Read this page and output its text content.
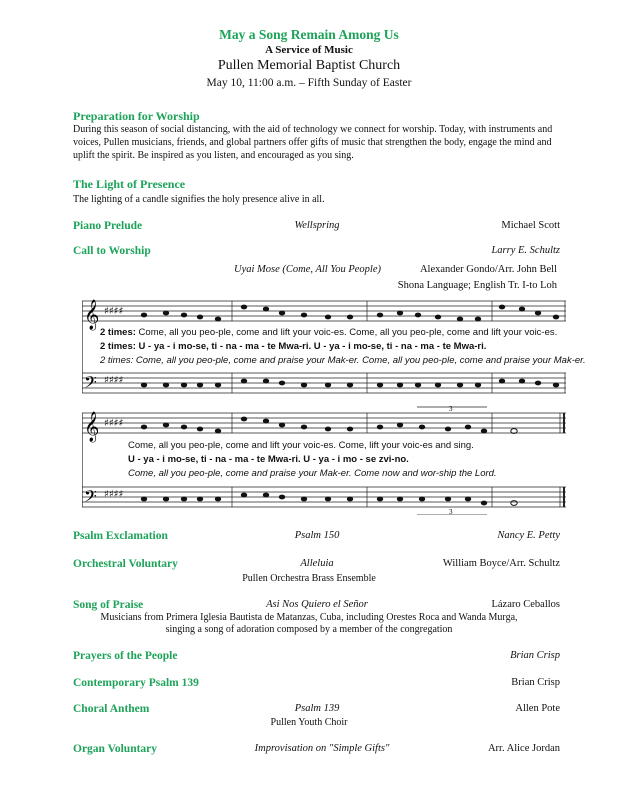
May a Song Remain Among Us
A Service of Music
Pullen Memorial Baptist Church
May 10, 11:00 a.m. – Fifth Sunday of Easter
Preparation for Worship
During this season of social distancing, with the aid of technology we connect for worship. Today, with instruments and voices, Pullen musicians, friends, and global partners offer gifts of music that strengthen the body, engage the mind and uplift the spirit. Be inspired as you listen, and encouraged as you sing.
The Light of Presence
The lighting of a candle signifies the holy presence alive in all.
Piano Prelude	Wellspring	Michael Scott
Call to Worship	Larry E. Schultz
Uyai Mose (Come, All You People)	Alexander Gondo/Arr. John Bell
Shona Language; English Tr. I-to Loh
𝄞
𝄢
♯♯♯♯
♯♯♯♯
2 times: Come, all you peo-ple, come and lift your voic-es. Come, all you peo-ple, come and lift your voic-es.
2 times: U - ya - i mo-se, ti - na - ma - te Mwa-ri. U - ya - i mo-se, ti - na - ma - te Mwa-ri.
2 times: Come, all you peo-ple, come and praise your Mak-er. Come, all you peo-ple, come and praise your Mak-er.
𝄞
𝄢
♯♯♯♯
♯♯♯♯
3
3
Come, all you peo-ple, come and lift your voic-es. Come, lift your voic-es and sing.
U - ya - i mo-se, ti - na - ma - te Mwa-ri. U - ya - i mo - se zvi-no.
Come, all you peo-ple, come and praise your Mak-er. Come now and wor-ship the Lord.
Psalm Exclamation	Psalm 150	Nancy E. Petty
Orchestral Voluntary	Alleluia	William Boyce/Arr. Schultz
Pullen Orchestra Brass Ensemble
Song of Praise	Asi Nos Quiero el Señor	Lázaro Ceballos
Musicians from Primera Iglesia Bautista de Matanzas, Cuba, including Orestes Roca and Wanda Murga,
singing a song of adoration composed by a member of the congregation
Prayers of the People	Brian Crisp
Contemporary Psalm 139	Brian Crisp
Choral Anthem	Psalm 139	Allen Pote
Pullen Youth Choir
Organ Voluntary	Improvisation on "Simple Gifts"	Arr. Alice Jordan
